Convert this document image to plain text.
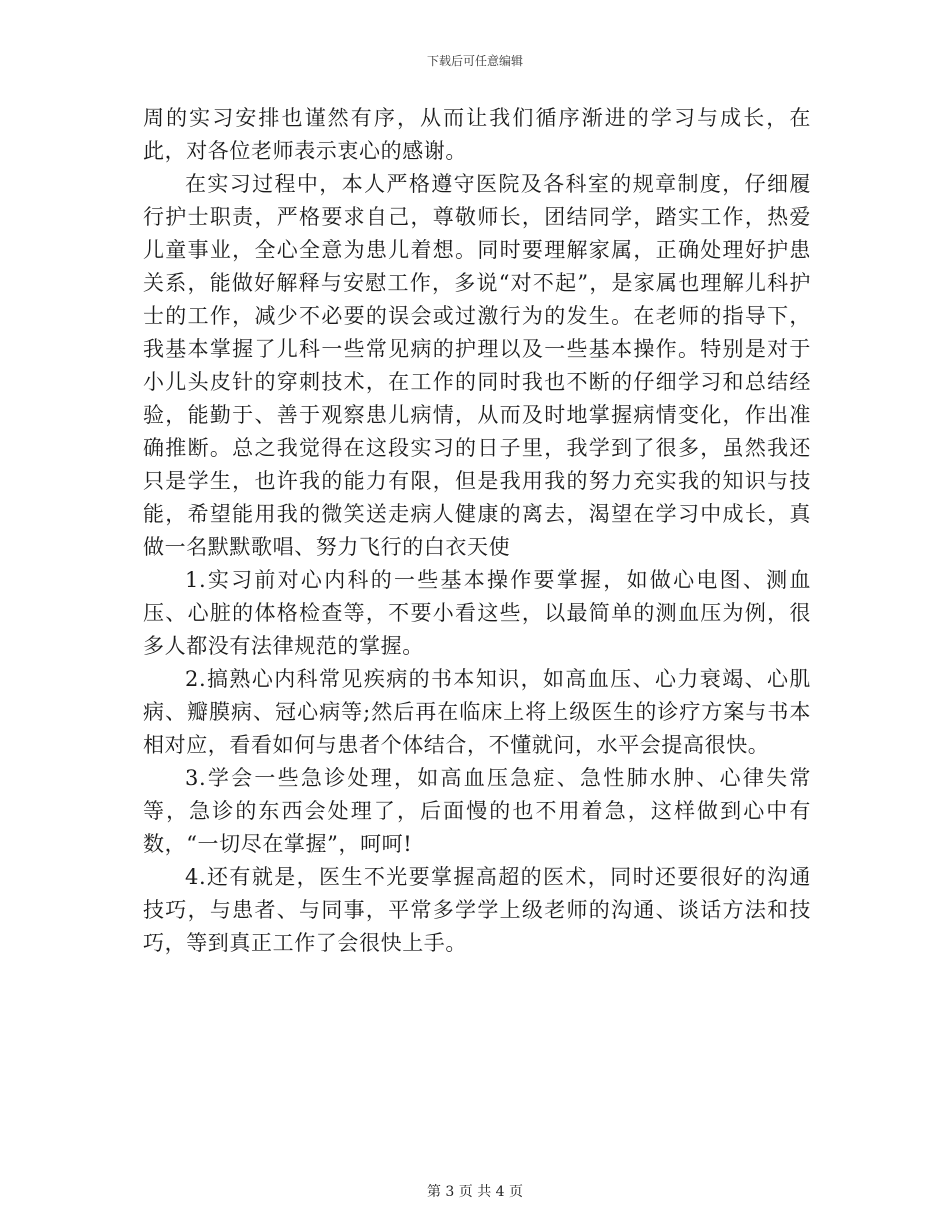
下载后可任意编辑

周的实习安排也谨然有序，从而让我们循序渐进的学习与成长，在此，对各位老师表示衷心的感谢。

在实习过程中，本人严格遵守医院及各科室的规章制度，仔细履行护士职责，严格要求自己，尊敬师长，团结同学，踏实工作，热爱儿童事业，全心全意为患儿着想。同时要理解家属，正确处理好护患关系，能做好解释与安慰工作，多说“对不起”，是家属也理解儿科护士的工作，减少不必要的误会或过激行为的发生。在老师的指导下，我基本掌握了儿科一些常见病的护理以及一些基本操作。特别是对于小儿头皮针的穿刺技术，在工作的同时我也不断的仔细学习和总结经验，能勤于、善于观察患儿病情，从而及时地掌握病情变化，作出准确推断。总之我觉得在这段实习的日子里，我学到了很多，虽然我还只是学生，也许我的能力有限，但是我用我的努力充实我的知识与技能，希望能用我的微笑送走病人健康的离去，渴望在学习中成长，真做一名默默歌唱、努力飞行的白衣天使

1.实习前对心内科的一些基本操作要掌握，如做心电图、测血压、心脏的体格检查等，不要小看这些，以最简单的测血压为例，很多人都没有法律规范的掌握。

2.搞熟心内科常见疾病的书本知识，如高血压、心力衰竭、心肌病、瓣膜病、冠心病等;然后再在临床上将上级医生的诊疗方案与书本相对应，看看如何与患者个体结合，不懂就问，水平会提高很快。

3.学会一些急诊处理，如高血压急症、急性肺水肿、心律失常等，急诊的东西会处理了，后面慢的也不用着急，这样做到心中有数，“一切尽在掌握”，呵呵!

4.还有就是，医生不光要掌握高超的医术，同时还要很好的沟通技巧，与患者、与同事，平常多学学上级老师的沟通、谈话方法和技巧，等到真正工作了会很快上手。

第 3 页 共 4 页
